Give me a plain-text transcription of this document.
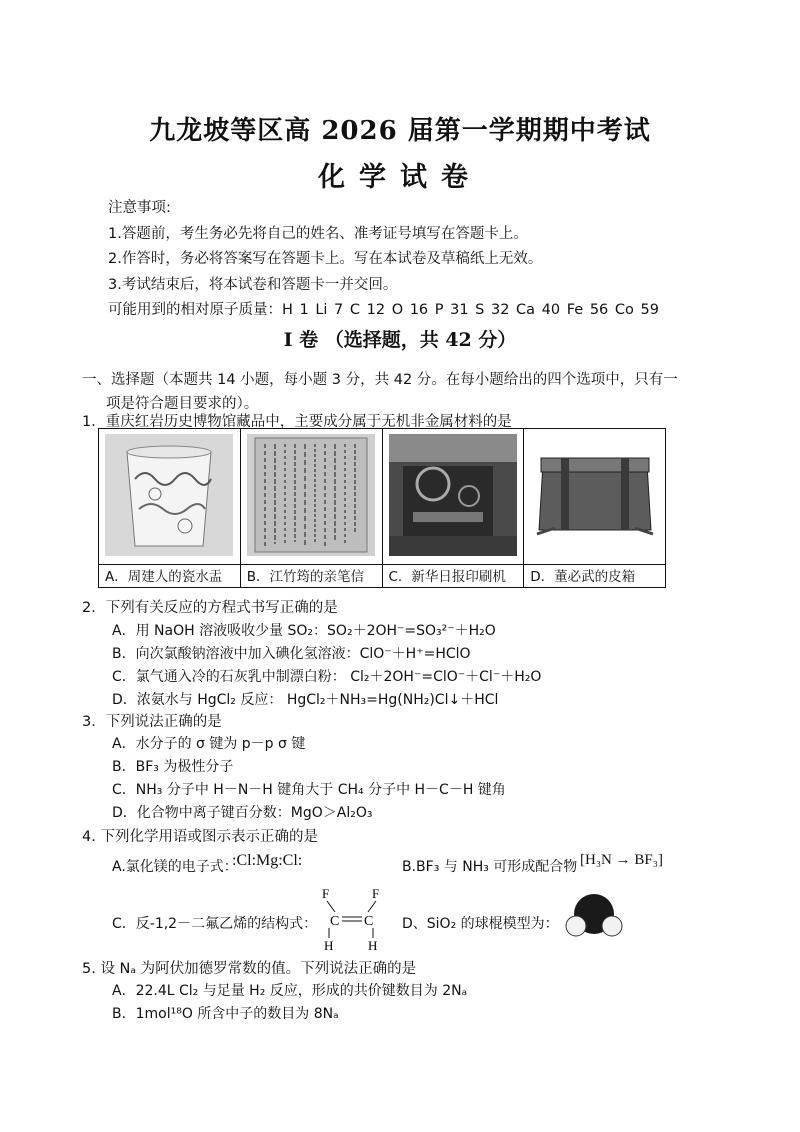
九龙坡等区高 2026 届第一学期期中考试
化学试卷
注意事项:
1.答题前，考生务必先将自己的姓名、准考证号填写在答题卡上。
2.作答时，务必将答案写在答题卡上。写在本试卷及草稿纸上无效。
3.考试结束后，将本试卷和答题卡一并交回。
可能用到的相对原子质量：H 1 Li 7 C 12 O 16 P 31 S 32 Ca 40 Fe 56 Co 59
I 卷 （选择题，共 42 分）
一、选择题（本题共 14 小题，每小题 3 分，共 42 分。在每小题给出的四个选项中，只有一
项是符合题目要求的）。
1．重庆红岩历史博物馆藏品中，主要成分属于无机非金属材料的是

A．周建人的瓷水盂	B．江竹筠的亲笔信	C．新华日报印刷机	D．董必武的皮箱
2．下列有关反应的方程式书写正确的是
A．用 NaOH 溶液吸收少量 SO₂：SO₂＋2OH⁻=SO₃²⁻＋H₂O
B．向次氯酸钠溶液中加入碘化氢溶液：ClO⁻＋H⁺=HClO
C．氯气通入冷的石灰乳中制漂白粉： Cl₂＋2OH⁻=ClO⁻＋Cl⁻＋H₂O
D．浓氨水与 HgCl₂ 反应： HgCl₂＋NH₃=Hg(NH₂)Cl↓＋HCl
3．下列说法正确的是
A．水分子的 σ 键为 p－p σ 键
B．BF₃ 为极性分子
C．NH₃ 分子中 H－N－H 键角大于 CH₄ 分子中 H－C－H 键角
D．化合物中离子键百分数：MgO＞Al₂O₃
4. 下列化学用语或图示表示正确的是
A.氯化镁的电子式：
:Cl:Mg:Cl:	B.BF₃ 与 NH₃ 可形成配合物 [H₃N → BF₃]
C．反-1,2－二氟乙烯的结构式：
F	F
C C
H	H
D、SiO₂ 的球棍模型为：
5. 设 Nₐ 为阿伏加德罗常数的值。下列说法正确的是
A．22.4L Cl₂ 与足量 H₂ 反应，形成的共价键数目为 2Nₐ
B．1mol¹⁸O 所含中子的数目为 8Nₐ
